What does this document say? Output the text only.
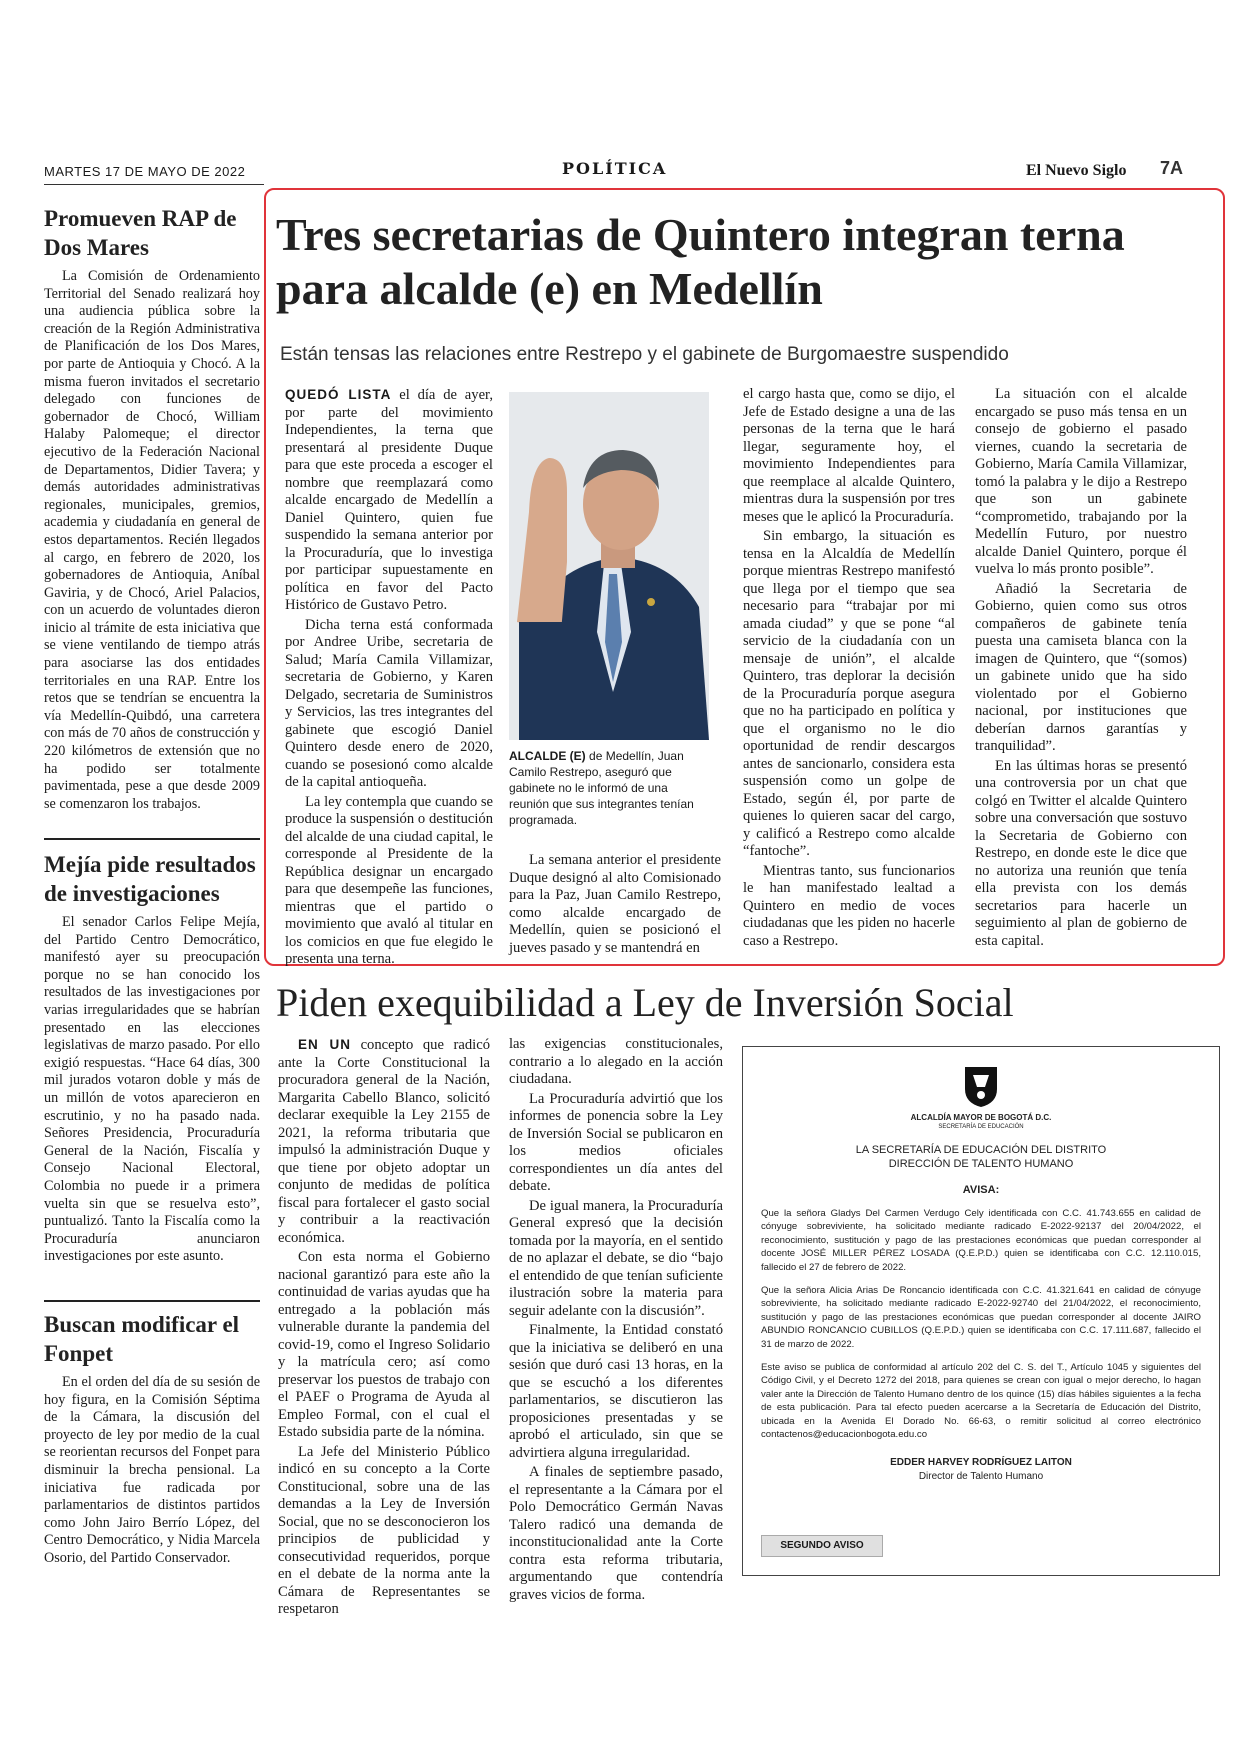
MARTES 17 DE MAYO DE 2022	POLÍTICA	El Nuevo Siglo 7A
Promueven RAP de Dos Mares
La Comisión de Ordenamiento Territorial del Senado realizará hoy una audiencia pública sobre la creación de la Región Administrativa de Planificación de los Dos Mares, por parte de Antioquia y Chocó. A la misma fueron invitados el secretario delegado con funciones de gobernador de Chocó, William Halaby Palomeque; el director ejecutivo de la Federación Nacional de Departamentos, Didier Tavera; y demás autoridades administrativas regionales, municipales, gremios, academia y ciudadanía en general de estos departamentos. Recién llegados al cargo, en febrero de 2020, los gobernadores de Antioquia, Aníbal Gaviria, y de Chocó, Ariel Palacios, con un acuerdo de voluntades dieron inicio al trámite de esta iniciativa que se viene ventilando de tiempo atrás para asociarse las dos entidades territoriales en una RAP. Entre los retos que se tendrían se encuentra la vía Medellín-Quibdó, una carretera con más de 70 años de construcción y 220 kilómetros de extensión que no ha podido ser totalmente pavimentada, pese a que desde 2009 se comenzaron los trabajos.
Mejía pide resultados de investigaciones
El senador Carlos Felipe Mejía, del Partido Centro Democrático, manifestó ayer su preocupación porque no se han conocido los resultados de las investigaciones por varias irregularidades que se habrían presentado en las elecciones legislativas de marzo pasado. Por ello exigió respuestas. “Hace 64 días, 300 mil jurados votaron doble y más de un millón de votos aparecieron en escrutinio, y no ha pasado nada. Señores Presidencia, Procuraduría General de la Nación, Fiscalía y Consejo Nacional Electoral, Colombia no puede ir a primera vuelta sin que se resuelva esto”, puntualizó. Tanto la Fiscalía como la Procuraduría anunciaron investigaciones por este asunto.
Buscan modificar el Fonpet
En el orden del día de su sesión de hoy figura, en la Comisión Séptima de la Cámara, la discusión del proyecto de ley por medio de la cual se reorientan recursos del Fonpet para disminuir la brecha pensional. La iniciativa fue radicada por parlamentarios de distintos partidos como John Jairo Berrío López, del Centro Democrático, y Nidia Marcela Osorio, del Partido Conservador.
Tres secretarias de Quintero integran terna para alcalde (e) en Medellín
Están tensas las relaciones entre Restrepo y el gabinete de Burgomaestre suspendido

QUEDÓ LISTA el día de ayer, por parte del movimiento Independientes, la terna que presentará al presidente Duque para que este proceda a escoger el nombre que reemplazará como alcalde encargado de Medellín a Daniel Quintero, quien fue suspendido la semana anterior por la Procuraduría, que lo investiga por participar supuestamente en política en favor del Pacto Histórico de Gustavo Petro.

Dicha terna está conformada por Andree Uribe, secretaria de Salud; María Camila Villamizar, secretaria de Gobierno, y Karen Delgado, secretaria de Suministros y Servicios, las tres integrantes del gabinete que escogió Daniel Quintero desde enero de 2020, cuando se posesionó como alcalde de la capital antioqueña.

La ley contempla que cuando se produce la suspensión o destitución del alcalde de una ciudad capital, le corresponde al Presidente de la República designar un encargado para que desempeñe las funciones, mientras que el partido o movimiento que avaló al titular en los comicios en que fue elegido le presenta una terna.

ALCALDE (E) de Medellín, Juan Camilo Restrepo, aseguró que gabinete no le informó de una reunión que sus integrantes tenían programada.

La semana anterior el presidente Duque designó al alto Comisionado para la Paz, Juan Camilo Restrepo, como alcalde encargado de Medellín, quien se posicionó el jueves pasado y se mantendrá en

el cargo hasta que, como se dijo, el Jefe de Estado designe a una de las personas de la terna que le hará llegar, seguramente hoy, el movimiento Independientes para que reemplace al alcalde Quintero, mientras dura la suspensión por tres meses que le aplicó la Procuraduría.

Sin embargo, la situación es tensa en la Alcaldía de Medellín porque mientras Restrepo manifestó que llega por el tiempo que sea necesario para “trabajar por mi amada ciudad” y que se pone “al servicio de la ciudadanía con un mensaje de unión”, el alcalde Quintero, tras deplorar la decisión de la Procuraduría porque asegura que no ha participado en política y que el organismo no le dio oportunidad de rendir descargos antes de sancionarlo, considera esta suspensión como un golpe de Estado, según él, por parte de quienes lo quieren sacar del cargo, y calificó a Restrepo como alcalde “fantoche”.

Mientras tanto, sus funcionarios le han manifestado lealtad a Quintero en medio de voces ciudadanas que les piden no hacerle caso a Restrepo.

La situación con el alcalde encargado se puso más tensa en un consejo de gobierno el pasado viernes, cuando la secretaria de Gobierno, María Camila Villamizar, tomó la palabra y le dijo a Restrepo que son un gabinete “comprometido, trabajando por la Medellín Futuro, por nuestro alcalde Daniel Quintero, porque él vuelva lo más pronto posible”.

Añadió la Secretaria de Gobierno, quien como sus otros compañeros de gabinete tenía puesta una camiseta blanca con la imagen de Quintero, que “(somos) un gabinete unido que ha sido violentado por el Gobierno nacional, por instituciones que deberían darnos garantías y tranquilidad”.

En las últimas horas se presentó una controversia por un chat que colgó en Twitter el alcalde Quintero sobre una conversación que sostuvo la Secretaria de Gobierno con Restrepo, en donde este le dice que no autoriza una reunión que tenía ella prevista con los demás secretarios para hacerle un seguimiento al plan de gobierno de esta capital.

Piden exequibilidad a Ley de Inversión Social

EN UN concepto que radicó ante la Corte Constitucional la procuradora general de la Nación, Margarita Cabello Blanco, solicitó declarar exequible la Ley 2155 de 2021, la reforma tributaria que impulsó la administración Duque y que tiene por objeto adoptar un conjunto de medidas de política fiscal para fortalecer el gasto social y contribuir a la reactivación económica.

Con esta norma el Gobierno nacional garantizó para este año la continuidad de varias ayudas que ha entregado a la población más vulnerable durante la pandemia del covid-19, como el Ingreso Solidario y la matrícula cero; así como preservar los puestos de trabajo con el PAEF o Programa de Ayuda al Empleo Formal, con el cual el Estado subsidia parte de la nómina.

La Jefe del Ministerio Público indicó en su concepto a la Corte Constitucional, sobre una de las demandas a la Ley de Inversión Social, que no se desconocieron los principios de publicidad y consecutividad requeridos, porque en el debate de la norma ante la Cámara de Representantes se respetaron

las exigencias constitucionales, contrario a lo alegado en la acción ciudadana.

La Procuraduría advirtió que los informes de ponencia sobre la Ley de Inversión Social se publicaron en los medios oficiales correspondientes un día antes del debate.

De igual manera, la Procuraduría General expresó que la decisión tomada por la mayoría, en el sentido de no aplazar el debate, se dio “bajo el entendido de que tenían suficiente ilustración sobre la materia para seguir adelante con la discusión”.

Finalmente, la Entidad constató que la iniciativa se deliberó en una sesión que duró casi 13 horas, en la que se escuchó a los diferentes parlamentarios, se discutieron las proposiciones presentadas y se aprobó el articulado, sin que se advirtiera alguna irregularidad.

A finales de septiembre pasado, el representante a la Cámara por el Polo Democrático Germán Navas Talero radicó una demanda de inconstitucionalidad ante la Corte contra esta reforma tributaria, argumentando que contendría graves vicios de forma.

ALCALDÍA MAYOR DE BOGOTÁ D.C.
SECRETARÍA DE EDUCACIÓN
LA SECRETARÍA DE EDUCACIÓN DEL DISTRITO
DIRECCIÓN DE TALENTO HUMANO
AVISA:
Que la señora Gladys Del Carmen Verdugo Cely identificada con C.C. 41.743.655 en calidad de cónyuge sobreviviente, ha solicitado mediante radicado E-2022-92137 del 20/04/2022, el reconocimiento, sustitución y pago de las prestaciones económicas que puedan corresponder al docente JOSÉ MILLER PÉREZ LOSADA (Q.E.P.D.) quien se identificaba con C.C. 12.110.015, fallecido el 27 de febrero de 2022.
Que la señora Alicia Arias De Roncancio identificada con C.C. 41.321.641 en calidad de cónyuge sobreviviente, ha solicitado mediante radicado E-2022-92740 del 21/04/2022, el reconocimiento, sustitución y pago de las prestaciones económicas que puedan corresponder al docente JAIRO ABUNDIO RONCANCIO CUBILLOS (Q.E.P.D.) quien se identificaba con C.C. 17.111.687, fallecido el 31 de marzo de 2022.
Este aviso se publica de conformidad al artículo 202 del C. S. del T., Artículo 1045 y siguientes del Código Civil, y el Decreto 1272 del 2018, para quienes se crean con igual o mejor derecho, lo hagan valer ante la Dirección de Talento Humano dentro de los quince (15) días hábiles siguientes a la fecha de esta publicación. Para tal efecto pueden acercarse a la Secretaría de Educación del Distrito, ubicada en la Avenida El Dorado No. 66-63, o remitir solicitud al correo electrónico contactenos@educacionbogota.edu.co
EDDER HARVEY RODRÍGUEZ LAITON
Director de Talento Humano
SEGUNDO AVISO
